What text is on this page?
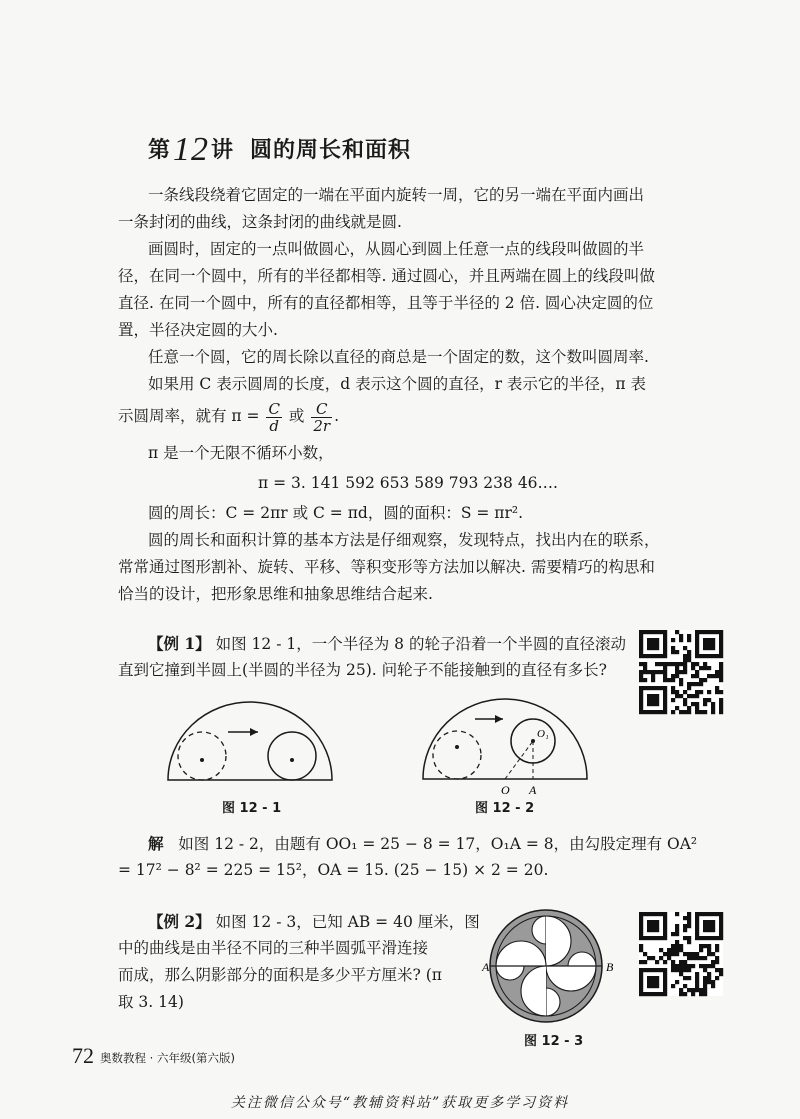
第12讲 圆的周长和面积
一条线段绕着它固定的一端在平面内旋转一周，它的另一端在平面内画出
一条封闭的曲线，这条封闭的曲线就是圆.
画圆时，固定的一点叫做圆心，从圆心到圆上任意一点的线段叫做圆的半
径，在同一个圆中，所有的半径都相等. 通过圆心，并且两端在圆上的线段叫做
直径. 在同一个圆中，所有的直径都相等，且等于半径的 2 倍. 圆心决定圆的位
置，半径决定圆的大小.
任意一个圆，它的周长除以直径的商总是一个固定的数，这个数叫圆周率.
如果用 C 表示圆周的长度，d 表示这个圆的直径，r 表示它的半径，π 表
示圆周率，就有 $\pi = \frac{C}{d}$ 或 $\frac{C}{2r}$ .
π 是一个无限不循环小数，
π = 3. 141 592 653 589 793 238 46….
圆的周长：C = 2πr 或 C = πd，圆的面积：S = πr².
圆的周长和面积计算的基本方法是仔细观察，发现特点，找出内在的联系，
常常通过图形割补、旋转、平移、等积变形等方法加以解决. 需要精巧的构思和
恰当的设计，把形象思维和抽象思维结合起来.
【例 1】 如图 12 - 1，一个半径为 8 的轮子沿着一个半圆的直径滚动
直到它撞到半圆上(半圆的半径为 25). 问轮子不能接触到的直径有多长?
图 12 - 1
O A
O₁
图 12 - 2
解 如图 12 - 2，由题有 OO₁ = 25 − 8 = 17，O₁A = 8，由勾股定理有 OA²
= 17² − 8² = 225 = 15²，OA = 15. (25 − 15) × 2 = 20.
【例 2】 如图 12 - 3，已知 AB = 40 厘米，图
中的曲线是由半径不同的三种半圆弧平滑连接
而成，那么阴影部分的面积是多少平方厘米? (π
取 3. 14)
A	B
图 12 - 3
72 奥数教程 · 六年级(第六版)
关注微信公众号“教辅资料站”获取更多学习资料
